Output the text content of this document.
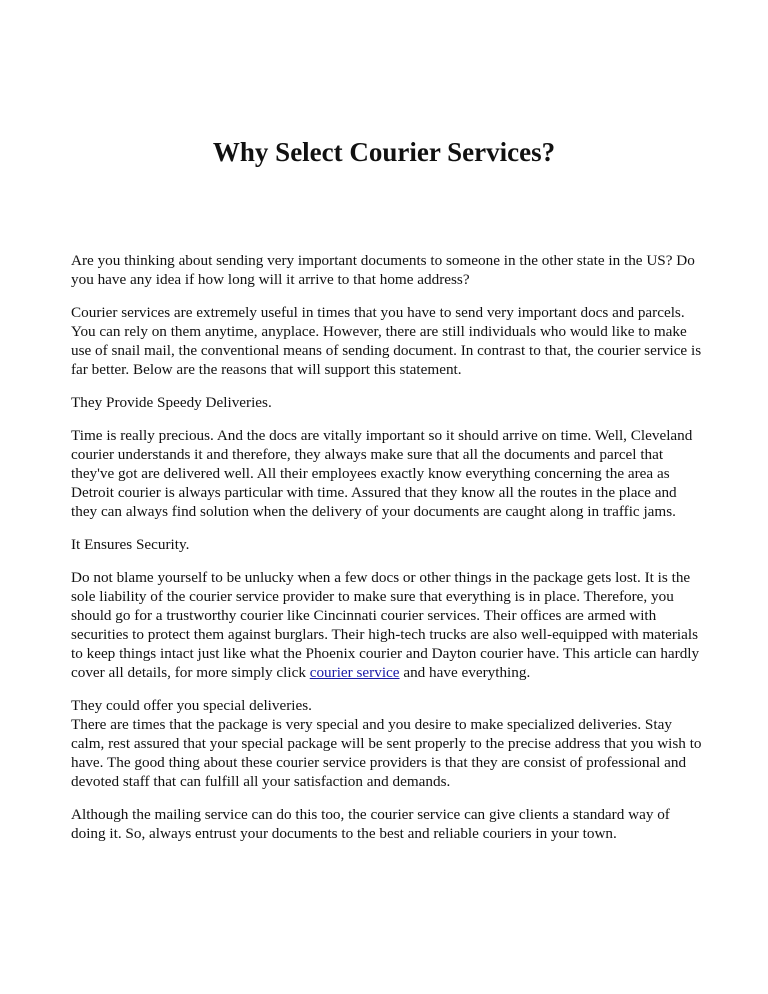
Why Select Courier Services?

Are you thinking about sending very important documents to someone in the other state in the US? Do
you have any idea if how long will it arrive to that home address?

Courier services are extremely useful in times that you have to send very important docs and parcels.
You can rely on them anytime, anyplace. However, there are still individuals who would like to make
use of snail mail, the conventional means of sending document. In contrast to that, the courier service is
far better. Below are the reasons that will support this statement.

They Provide Speedy Deliveries.

Time is really precious. And the docs are vitally important so it should arrive on time. Well, Cleveland
courier understands it and therefore, they always make sure that all the documents and parcel that
they've got are delivered well. All their employees exactly know everything concerning the area as
Detroit courier is always particular with time. Assured that they know all the routes in the place and
they can always find solution when the delivery of your documents are caught along in traffic jams.

It Ensures Security.

Do not blame yourself to be unlucky when a few docs or other things in the package gets lost. It is the
sole liability of the courier service provider to make sure that everything is in place. Therefore, you
should go for a trustworthy courier like Cincinnati courier services. Their offices are armed with
securities to protect them against burglars. Their high-tech trucks are also well-equipped with materials
to keep things intact just like what the Phoenix courier and Dayton courier have. This article can hardly
cover all details, for more simply click courier service and have everything.

They could offer you special deliveries.
There are times that the package is very special and you desire to make specialized deliveries. Stay
calm, rest assured that your special package will be sent properly to the precise address that you wish to
have. The good thing about these courier service providers is that they are consist of professional and
devoted staff that can fulfill all your satisfaction and demands.

Although the mailing service can do this too, the courier service can give clients a standard way of
doing it. So, always entrust your documents to the best and reliable couriers in your town.
